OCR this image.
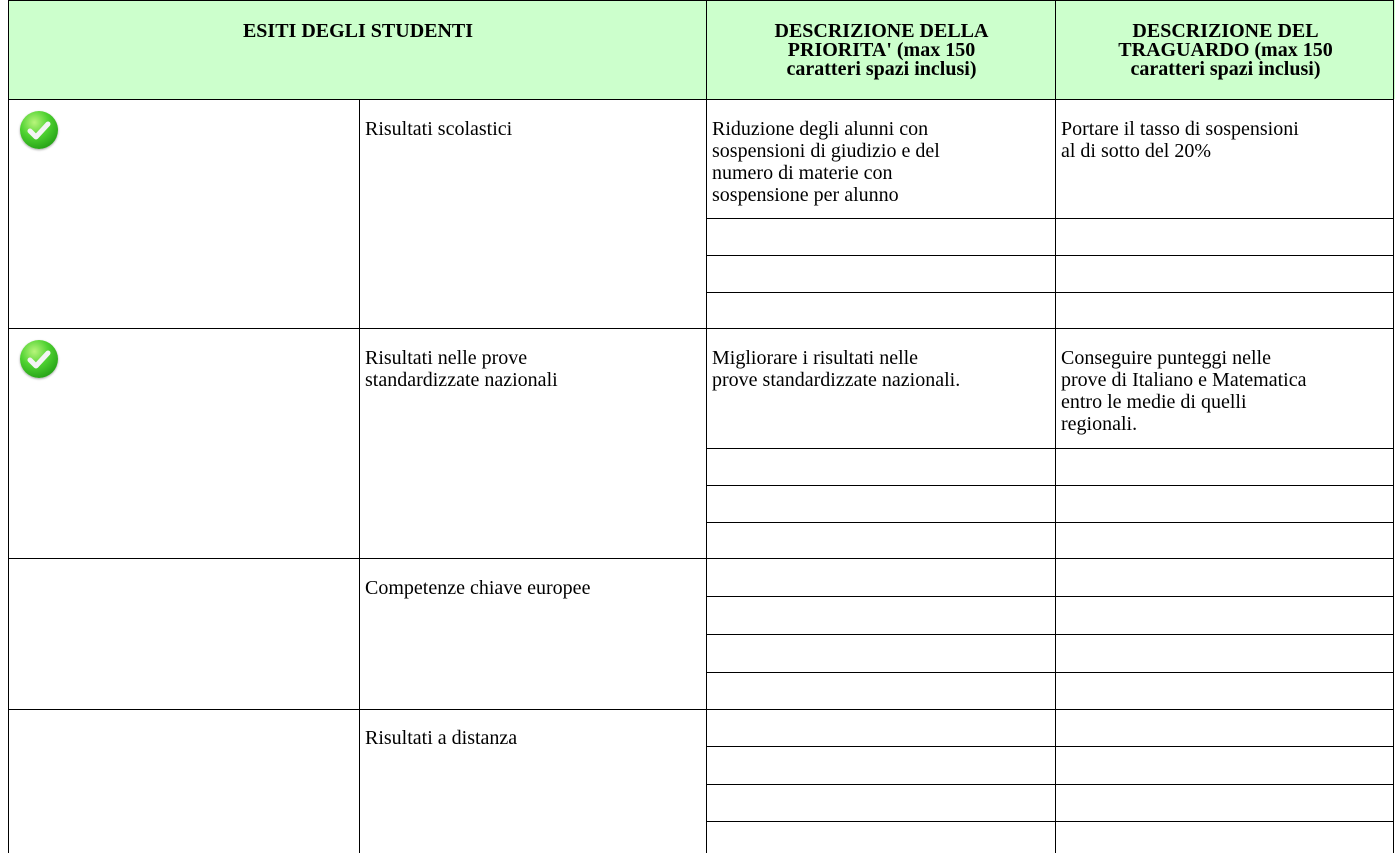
ESITI DEGLI STUDENTI	DESCRIZIONE DELLA
PRIORITA' (max 150
caratteri spazi inclusi)
DESCRIZIONE DEL
TRAGUARDO (max 150
caratteri spazi inclusi)
Risultati scolastici	Riduzione degli alunni con
sospensioni di giudizio e del
numero di materie con
sospensione per alunno
Portare il tasso di sospensioni
al di sotto del 20%
Risultati nelle prove
standardizzate nazionali
Migliorare i risultati nelle
prove standardizzate nazionali.
Conseguire punteggi nelle
prove di Italiano e Matematica
entro le medie di quelli
regionali.
Competenze chiave europee
Risultati a distanza
